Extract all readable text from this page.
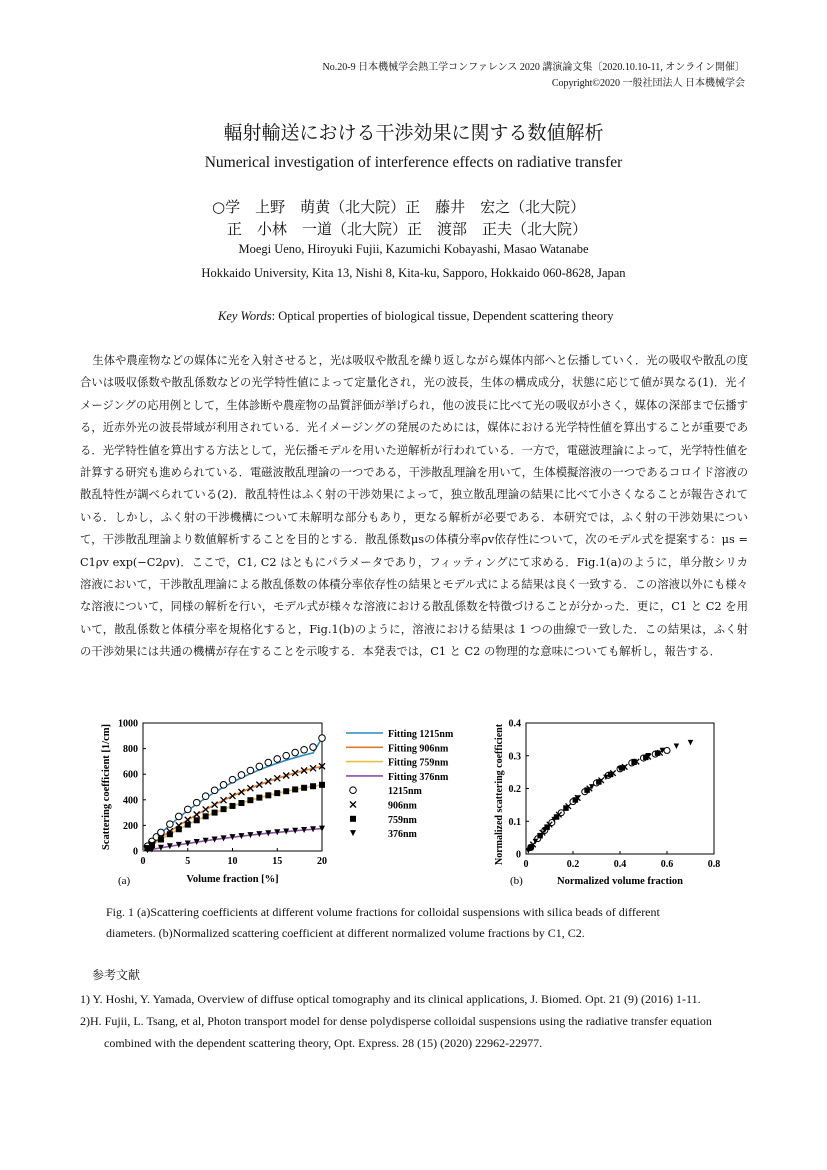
No.20-9 日本機械学会熱工学コンファレンス 2020 講演論文集〔2020.10.10-11, オンライン開催〕
Copyright©2020 一般社団法人 日本機械学会
輻射輸送における干渉効果に関する数値解析
Numerical investigation of interference effects on radiative transfer
○学　上野　萌黄（北大院）正　藤井　宏之（北大院）
　正　小林　一道（北大院）正　渡部　正夫（北大院）
Moegi Ueno, Hiroyuki Fujii, Kazumichi Kobayashi, Masao Watanabe
Hokkaido University, Kita 13, Nishi 8, Kita-ku, Sapporo, Hokkaido 060-8628, Japan
Key Words: Optical properties of biological tissue, Dependent scattering theory
生体や農産物などの媒体に光を入射させると，光は吸収や散乱を繰り返しながら媒体内部へと伝播していく．光の吸収や散乱の度合いは吸収係数や散乱係数などの光学特性値によって定量化され，光の波長，生体の構成成分，状態に応じて値が異なる(1)．光イメージングの応用例として，生体診断や農産物の品質評価が挙げられ，他の波長に比べて光の吸収が小さく，媒体の深部まで伝播する，近赤外光の波長帯域が利用されている．光イメージングの発展のためには，媒体における光学特性値を算出することが重要である．光学特性値を算出する方法として，光伝播モデルを用いた逆解析が行われている．一方で，電磁波理論によって，光学特性値を計算する研究も進められている．電磁波散乱理論の一つである，干渉散乱理論を用いて，生体模擬溶液の一つであるコロイド溶液の散乱特性が調べられている(2)．散乱特性はふく射の干渉効果によって，独立散乱理論の結果に比べて小さくなることが報告されている．しかし，ふく射の干渉機構について未解明な部分もあり，更なる解析が必要である．本研究では，ふく射の干渉効果について，干渉散乱理論より数値解析することを目的とする．散乱係数μsの体積分率ρv依存性について，次のモデル式を提案する：μs = C1ρv exp(−C2ρv)．ここで，C1, C2 はともにパラメータであり，フィッティングにて求める．Fig.1(a)のように，単分散シリカ溶液において，干渉散乱理論による散乱係数の体積分率依存性の結果とモデル式による結果は良く一致する．この溶液以外にも様々な溶液について，同様の解析を行い，モデル式が様々な溶液における散乱係数を特徴づけることが分かった．更に，C1 と C2 を用いて，散乱係数と体積分率を規格化すると，Fig.1(b)のように，溶液における結果は 1 つの曲線で一致した．この結果は，ふく射の干渉効果には共通の機構が存在することを示唆する．本発表では，C1 と C2 の物理的な意味についても解析し，報告する．
0	5	10	15	20
0
200
400
600
800
1000
Volume fraction [%]
Scattering coefficient [1/cm]
(a)
Fitting 1215nm
Fitting 906nm
Fitting 759nm
Fitting 376nm
1215nm
906nm
759nm
376nm
0	0.2	0.4	0.6	0.8
0
0.1
0.2
0.3
0.4
Normalized volume fraction
Normalized scattering coefficient
(b)
Fig. 1 (a)Scattering coefficients at different volume fractions for colloidal suspensions with silica beads of different
diameters. (b)Normalized scattering coefficient at different normalized volume fractions by C1, C2.
参考文献
1) Y. Hoshi, Y. Yamada, Overview of diffuse optical tomography and its clinical applications, J. Biomed. Opt. 21 (9) (2016) 1-11.
2)H. Fujii, L. Tsang, et al, Photon transport model for dense polydisperse colloidal suspensions using the radiative transfer equation combined with the dependent scattering theory, Opt. Express. 28 (15) (2020) 22962-22977.
